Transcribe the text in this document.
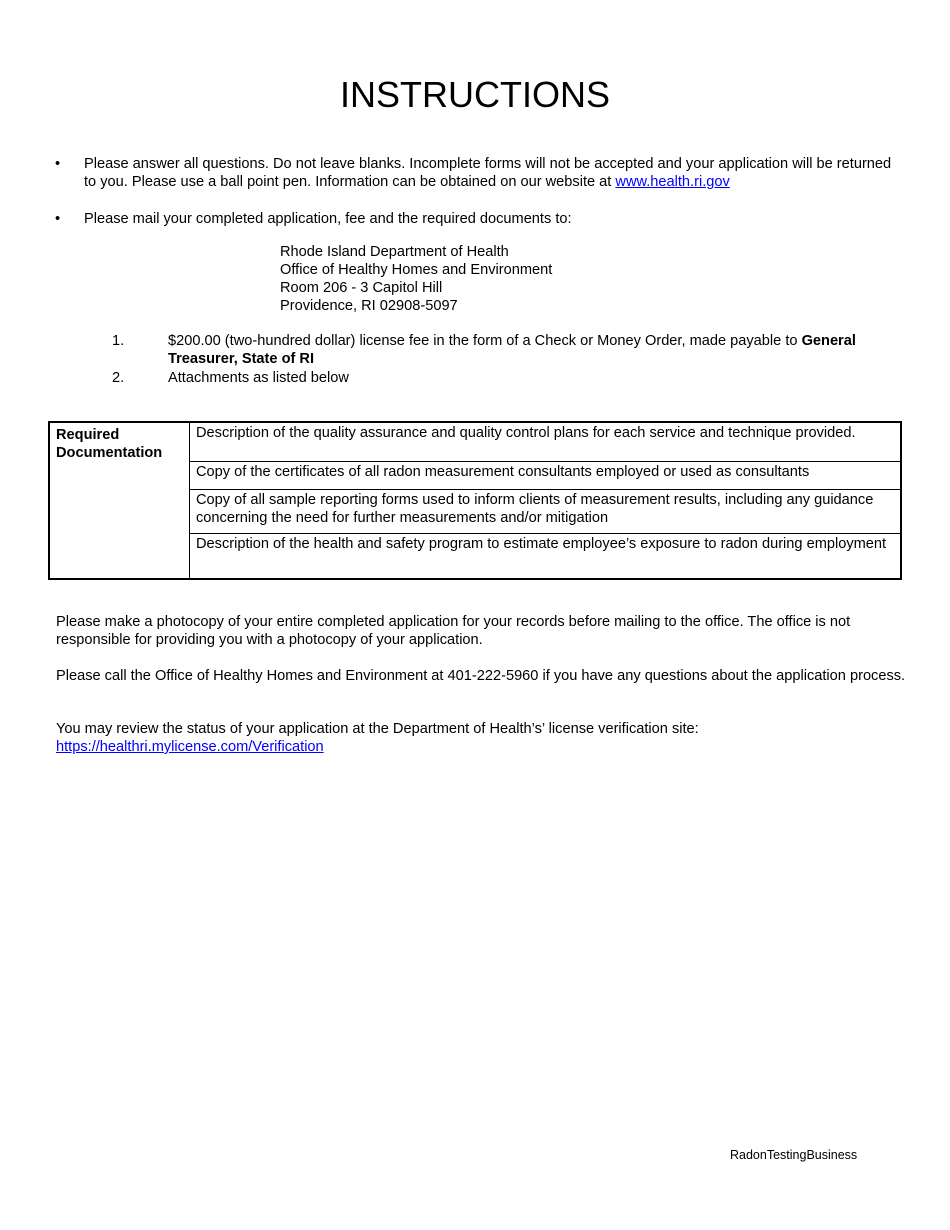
INSTRUCTIONS
• Please answer all questions. Do not leave blanks. Incomplete forms will not be accepted and your application will be returned to you. Please use a ball point pen. Information can be obtained on our website at www.health.ri.gov
• Please mail your completed application, fee and the required documents to:
Rhode Island Department of Health
Office of Healthy Homes and Environment
Room 206 - 3 Capitol Hill
Providence, RI 02908-5097
1.	$200.00 (two-hundred dollar) license fee in the form of a Check or Money Order, made payable to General Treasurer, State of RI
2.	Attachments as listed below
Required Documentation
Description of the quality assurance and quality control plans for each service and technique provided.
Copy of the certificates of all radon measurement consultants employed or used as consultants
Copy of all sample reporting forms used to inform clients of measurement results, including any guidance concerning the need for further measurements and/or mitigation
Description of the health and safety program to estimate employee’s exposure to radon during employment
Please make a photocopy of your entire completed application for your records before mailing to the office. The office is not responsible for providing you with a photocopy of your application.
Please call the Office of Healthy Homes and Environment at 401-222-5960 if you have any questions about the application process.
You may review the status of your application at the Department of Health’s’ license verification site:
https://healthri.mylicense.com/Verification
RadonTestingBusiness
